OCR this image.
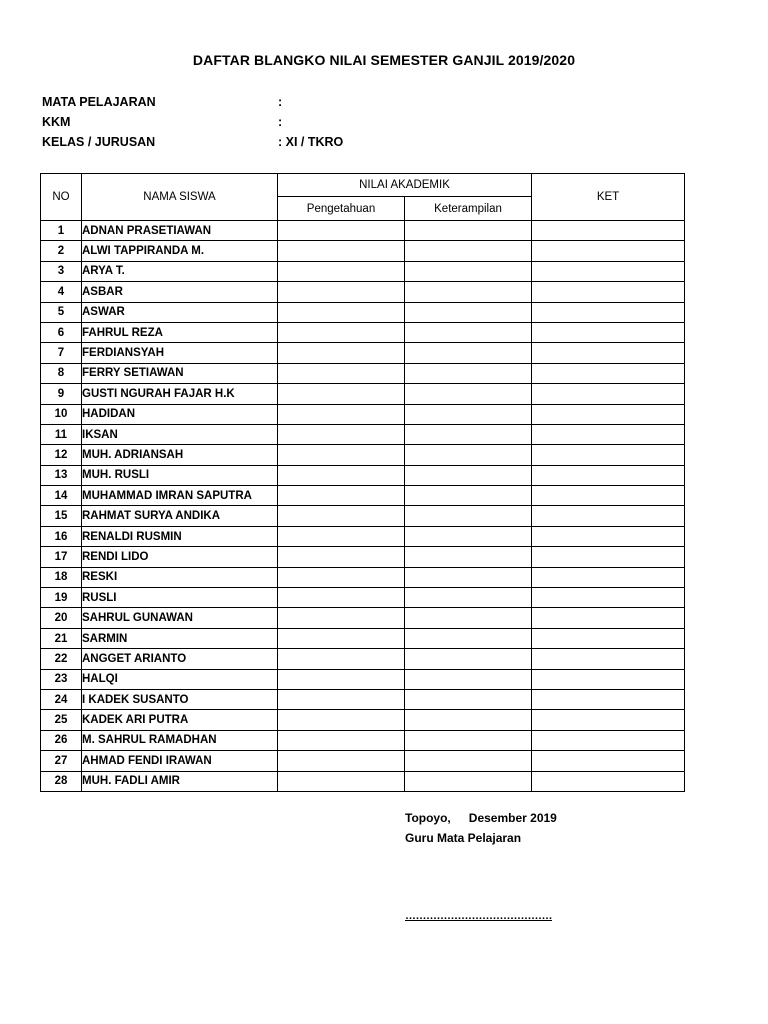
DAFTAR BLANGKO NILAI SEMESTER GANJIL 2019/2020
MATA PELAJARAN	:
KKM	:
KELAS / JURUSAN	: XI / TKRO
NO	NAMA SISWA	NILAI AKADEMIK		KET
		Pengetahuan	Keterampilan	
1	ADNAN PRASETIAWAN			
2	ALWI TAPPIRANDA M.			
3	ARYA T.			
4	ASBAR			
5	ASWAR			
6	FAHRUL REZA			
7	FERDIANSYAH			
8	FERRY SETIAWAN			
9	GUSTI NGURAH FAJAR H.K			
10	HADIDAN			
11	IKSAN			
12	MUH. ADRIANSAH			
13	MUH. RUSLI			
14	MUHAMMAD IMRAN SAPUTRA			
15	RAHMAT SURYA ANDIKA			
16	RENALDI RUSMIN			
17	RENDI LIDO			
18	RESKI			
19	RUSLI			
20	SAHRUL GUNAWAN			
21	SARMIN			
22	ANGGET ARIANTO			
23	HALQI			
24	I KADEK SUSANTO			
25	KADEK ARI PUTRA			
26	M. SAHRUL RAMADHAN			
27	AHMAD FENDI IRAWAN			
28	MUH. FADLI AMIR			
Topoyo, Desember 2019
Guru Mata Pelajaran
……………………………………
